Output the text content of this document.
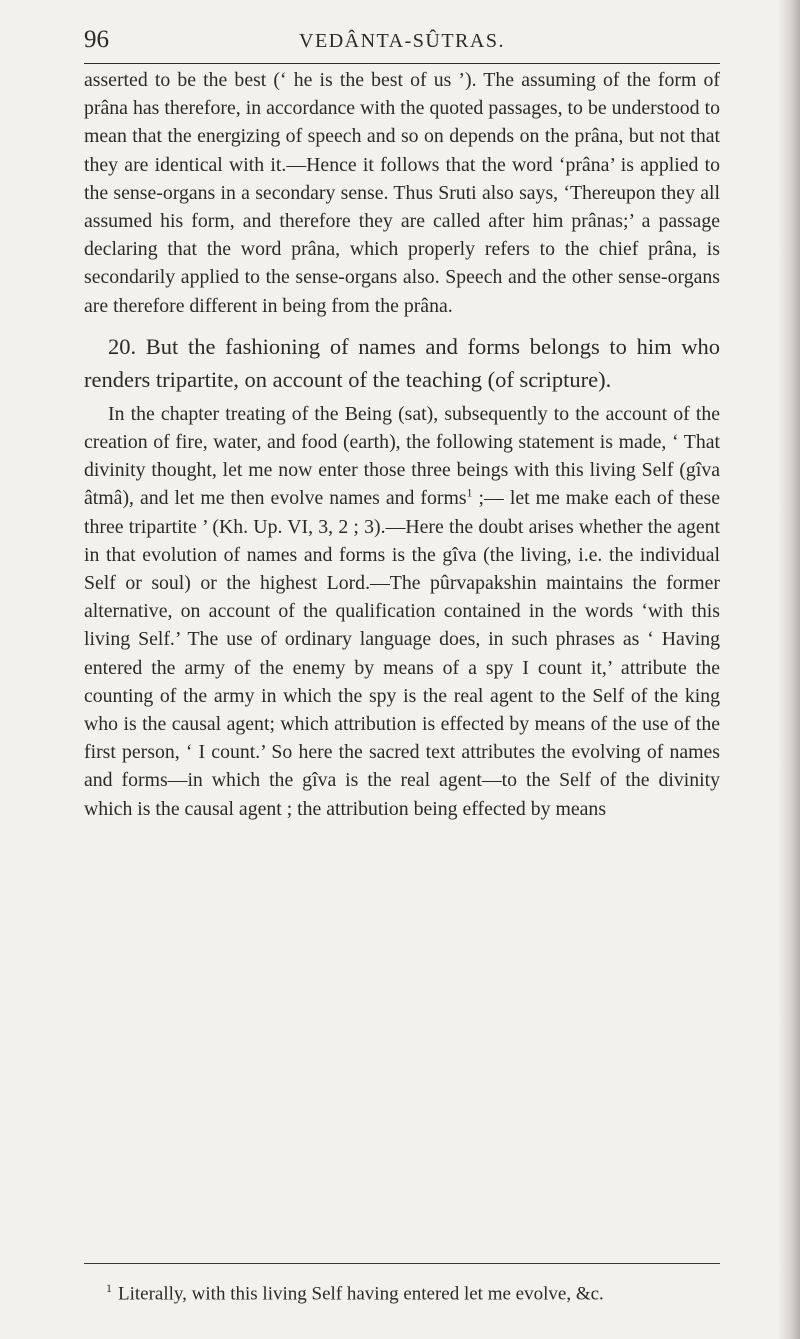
96	VEDÂNTA-SÛTRAS.

asserted to be the best (‘ he is the best of us ’). The assuming of the form of prâna has therefore, in accordance with the quoted passages, to be understood to mean that the energizing of speech and so on depends on the prâna, but not that they are identical with it.—Hence it follows that the word ‘prâna’ is applied to the sense-organs in a secondary sense. Thus Sruti also says, ‘Thereupon they all assumed his form, and therefore they are called after him prânas;’ a passage declaring that the word prâna, which properly refers to the chief prâna, is secondarily applied to the sense-organs also. Speech and the other sense-organs are therefore different in being from the prâna.

20. But the fashioning of names and forms belongs to him who renders tripartite, on account of the teaching (of scripture).

In the chapter treating of the Being (sat), subsequently to the account of the creation of fire, water, and food (earth), the following statement is made, ‘ That divinity thought, let me now enter those three beings with this living Self (gîva âtmâ), and let me then evolve names and forms$^1$ ;— let me make each of these three tripartite ’ (Kh. Up. VI, 3, 2 ; 3).—Here the doubt arises whether the agent in that evolution of names and forms is the gîva (the living, i.e. the individual Self or soul) or the highest Lord.—The pûrvapakshin maintains the former alternative, on account of the qualification contained in the words ‘with this living Self.’ The use of ordinary language does, in such phrases as ‘ Having entered the army of the enemy by means of a spy I count it,’ attribute the counting of the army in which the spy is the real agent to the Self of the king who is the causal agent; which attribution is effected by means of the use of the first person, ‘ I count.’ So here the sacred text attributes the evolving of names and forms—in which the gîva is the real agent—to the Self of the divinity which is the causal agent ; the attribution being effected by means

$^1$ Literally, with this living Self having entered let me evolve, &c.
